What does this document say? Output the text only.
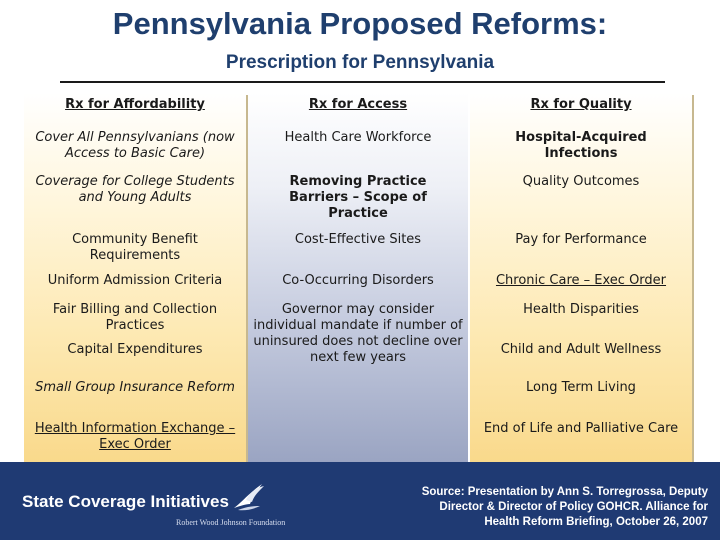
Pennsylvania Proposed Reforms:
Prescription for Pennsylvania
Rx for Affordability
Cover All Pennsylvanians (now Access to Basic Care)
Coverage for College Students and Young Adults
Community Benefit Requirements
Uniform Admission Criteria
Fair Billing and Collection Practices
Capital Expenditures
Small Group Insurance Reform
Health Information Exchange – Exec Order
Rx for Access
Health Care Workforce
Removing Practice Barriers – Scope of Practice
Cost-Effective Sites
Co-Occurring Disorders
Governor may consider individual mandate if number of uninsured does not decline over next few years
Rx for Quality
Hospital-Acquired Infections
Quality Outcomes
Pay for Performance
Chronic Care – Exec Order
Health Disparities
Child and Adult Wellness
Long Term Living
End of Life and Palliative Care
State Coverage Initiatives
Robert Wood Johnson Foundation
Source: Presentation by Ann S. Torregrossa, Deputy
Director & Director of Policy GOHCR. Alliance for
Health Reform Briefing, October 26, 2007
